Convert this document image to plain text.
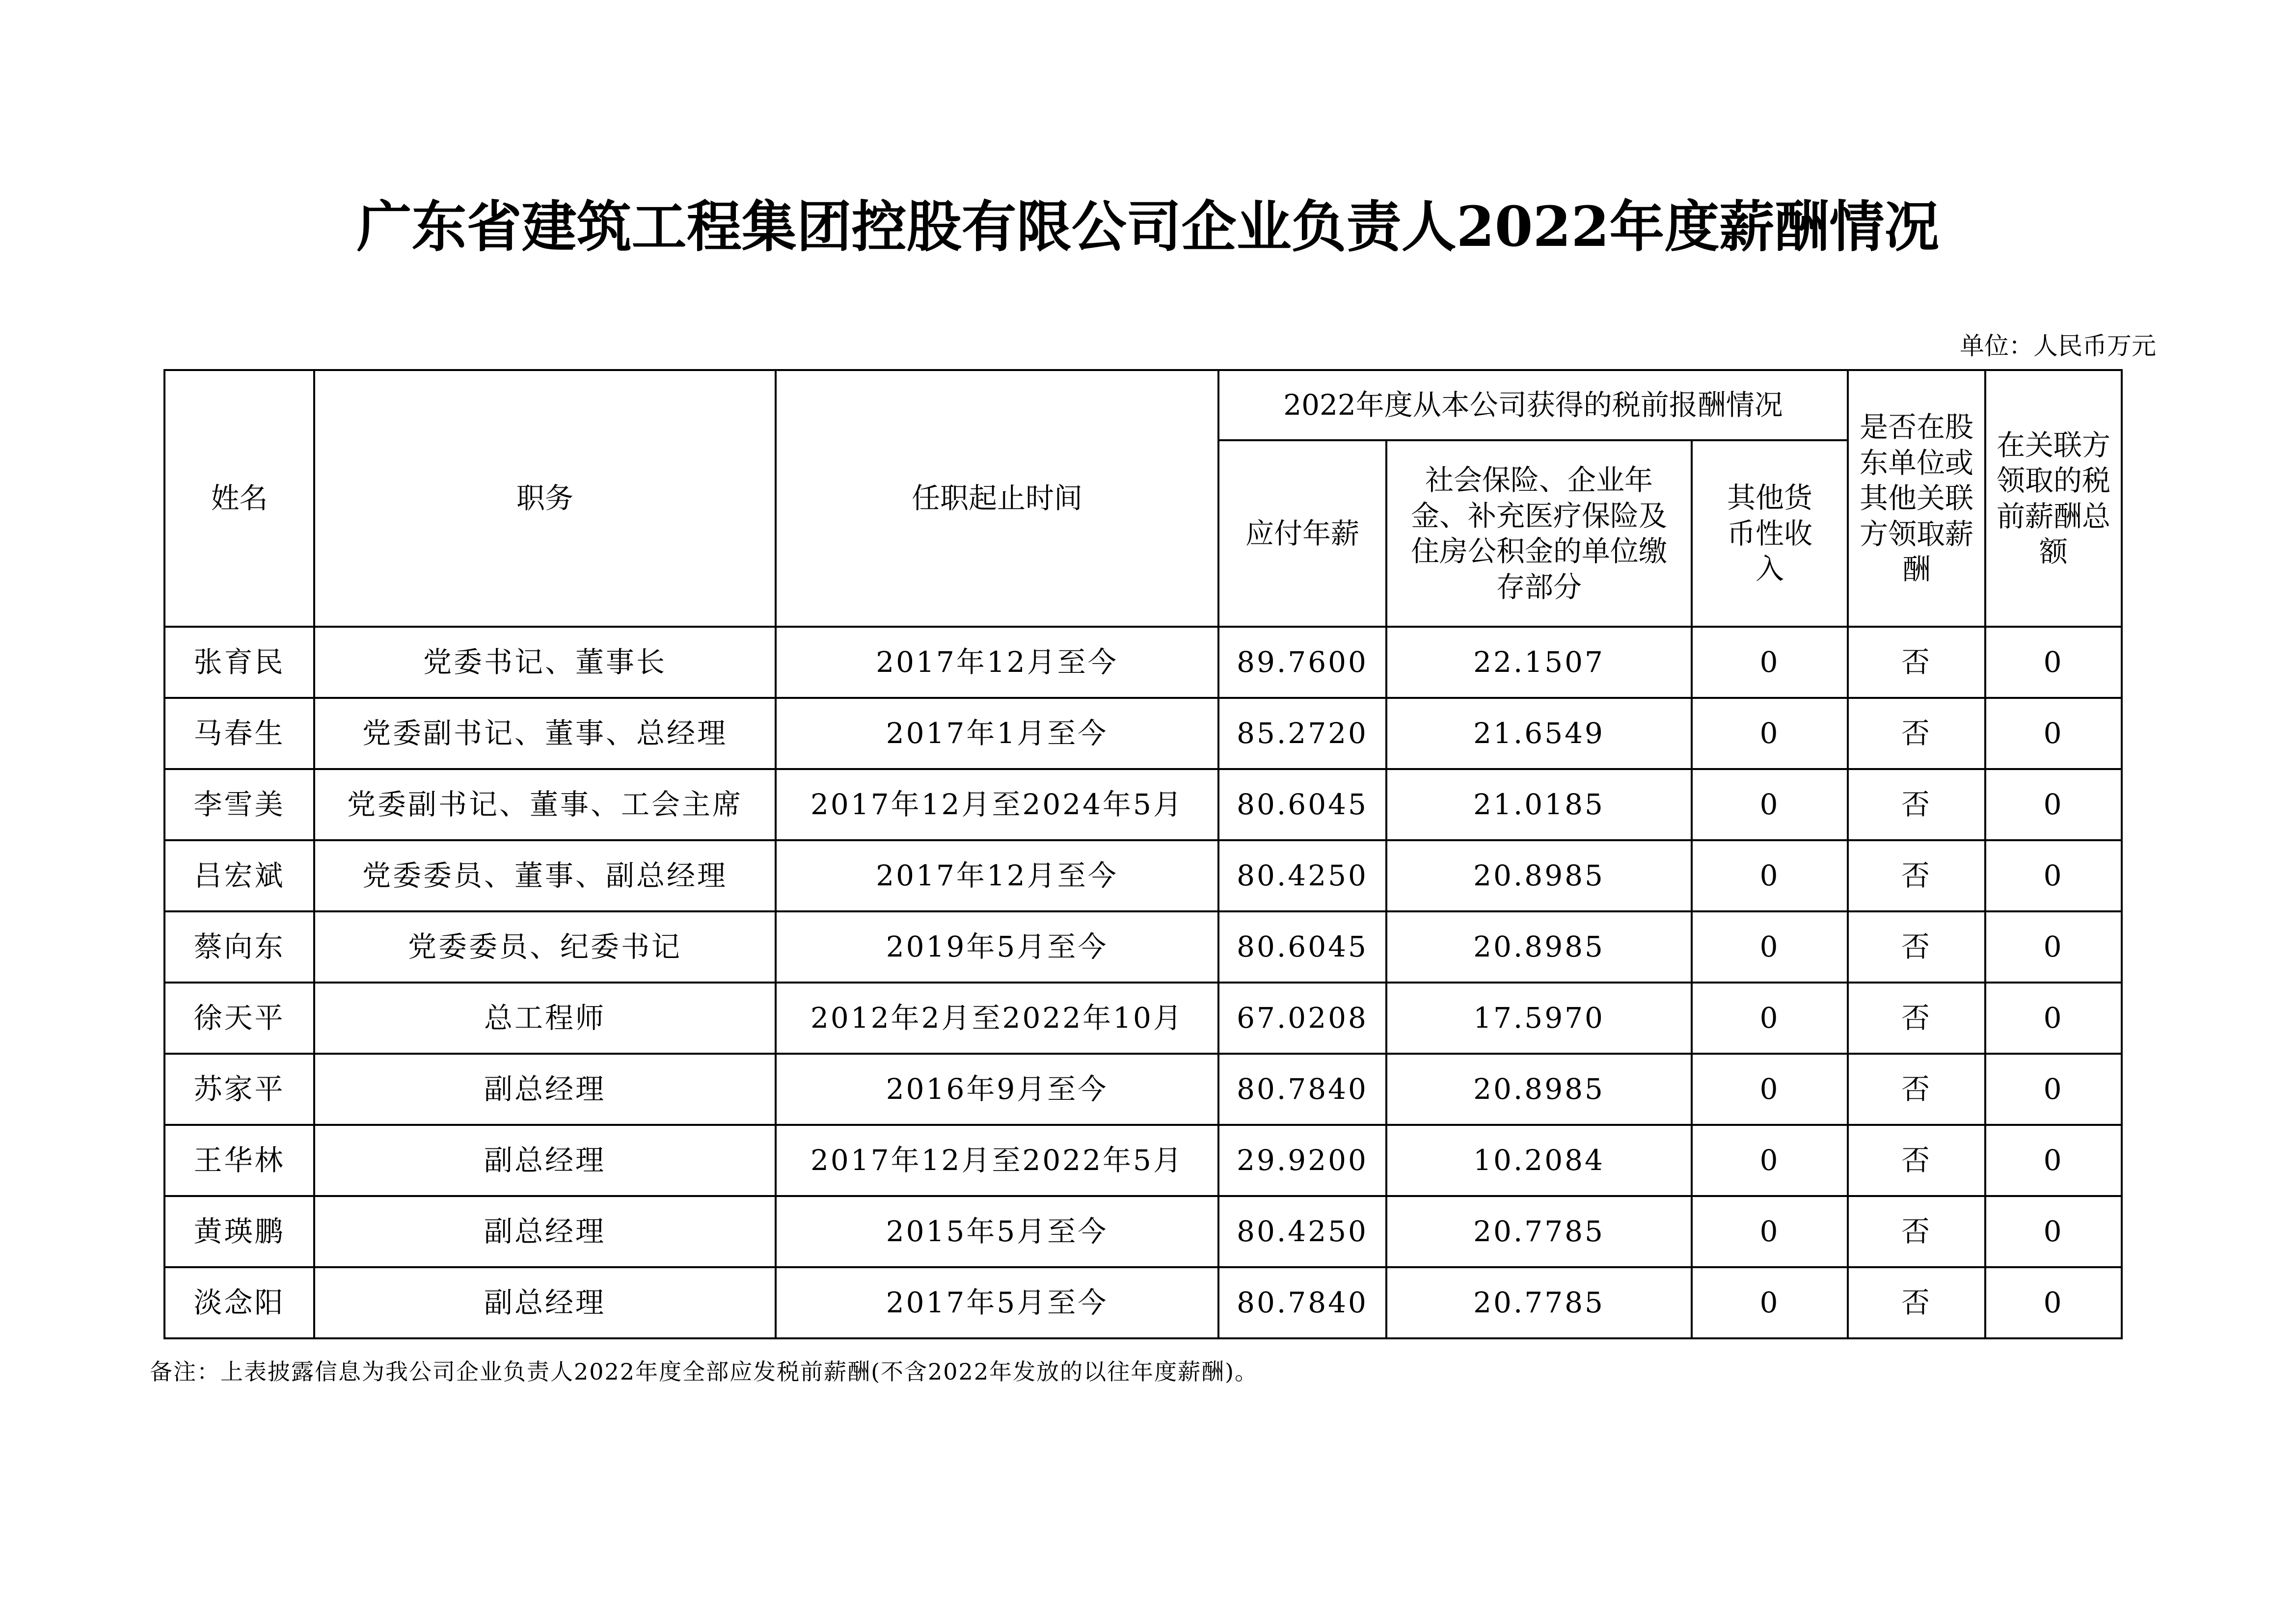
广东省建筑工程集团控股有限公司企业负责人2022年度薪酬情况
单位：人民币万元
姓名	职务	任职起止时间	2022年度从本公司获得的税前报酬情况			是否在股东单位或其他关联方领取薪酬	在关联方领取的税前薪酬总额
			应付年薪	社会保险、企业年金、补充医疗保险及住房公积金的单位缴存部分	其他货币性收入		
张育民	党委书记、董事长	2017年12月至今	89.7600	22.1507	0	否	0
马春生	党委副书记、董事、总经理	2017年1月至今	85.2720	21.6549	0	否	0
李雪美	党委副书记、董事、工会主席	2017年12月至2024年5月	80.6045	21.0185	0	否	0
吕宏斌	党委委员、董事、副总经理	2017年12月至今	80.4250	20.8985	0	否	0
蔡向东	党委委员、纪委书记	2019年5月至今	80.6045	20.8985	0	否	0
徐天平	总工程师	2012年2月至2022年10月	67.0208	17.5970	0	否	0
苏家平	副总经理	2016年9月至今	80.7840	20.8985	0	否	0
王华林	副总经理	2017年12月至2022年5月	29.9200	10.2084	0	否	0
黄瑛鹏	副总经理	2015年5月至今	80.4250	20.7785	0	否	0
淡念阳	副总经理	2017年5月至今	80.7840	20.7785	0	否	0
备注：上表披露信息为我公司企业负责人2022年度全部应发税前薪酬(不含2022年发放的以往年度薪酬)。
